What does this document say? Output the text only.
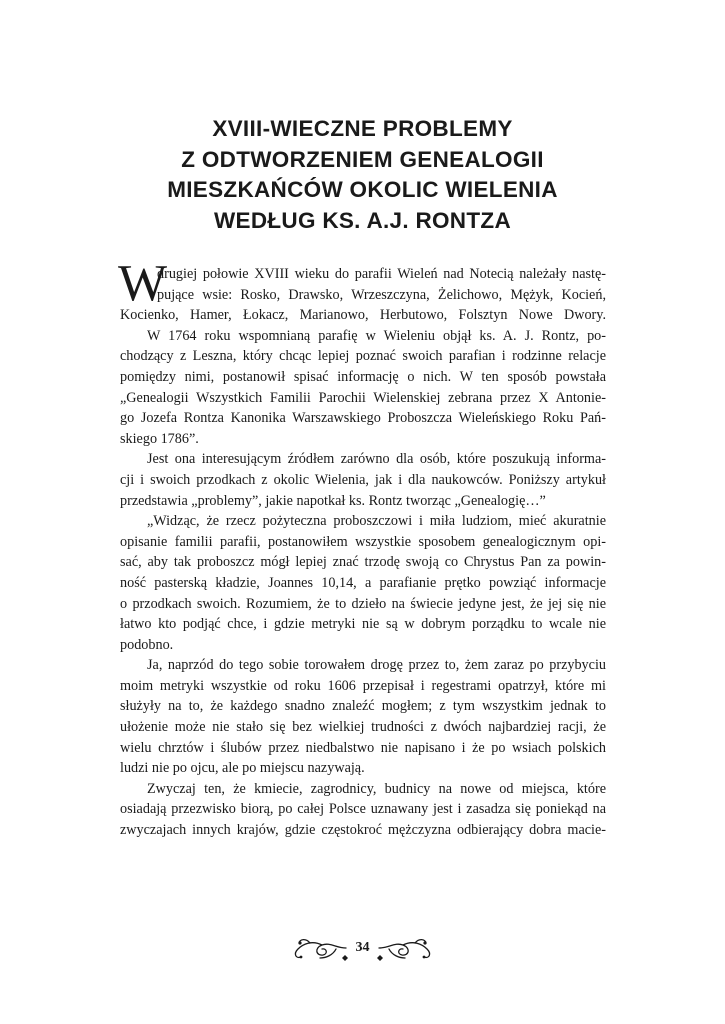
XVIII-WIECZNE PROBLEMY
Z ODTWORZENIEM GENEALOGII
MIESZKAŃCÓW OKOLIC WIELENIA
WEDŁUG KS. A.J. RONTZA
W
drugiej połowie XVIII wieku do parafii Wieleń nad Notecią należały nastę-
pujące wsie: Rosko, Drawsko, Wrzeszczyna, Żelichowo, Mężyk, Kocień,
Kocienko, Hamer, Łokacz, Marianowo, Herbutowo, Folsztyn Nowe Dwory.
W 1764 roku wspomnianą parafię w Wieleniu objął ks. A. J. Rontz, po-
chodzący z Leszna, który chcąc lepiej poznać swoich parafian i rodzinne relacje
pomiędzy nimi, postanowił spisać informację o nich. W ten sposób powstała
„Genealogii Wszystkich Familii Parochii Wielenskiej zebrana przez X Antonie-
go Jozefa Rontza Kanonika Warszawskiego Proboszcza Wieleńskiego Roku Pań-
skiego 1786”.
Jest ona interesującym źródłem zarówno dla osób, które poszukują informa-
cji i swoich przodkach z okolic Wielenia, jak i dla naukowców. Poniższy artykuł
przedstawia „problemy”, jakie napotkał ks. Rontz tworząc „Genealogię…”
„Widząc, że rzecz pożyteczna proboszczowi i miła ludziom, mieć akuratnie
opisanie familii parafii, postanowiłem wszystkie sposobem genealogicznym opi-
sać, aby tak proboszcz mógł lepiej znać trzodę swoją co Chrystus Pan za powin-
ność pasterską kładzie, Joannes 10,14, a parafianie prętko powziąć informacje
o przodkach swoich. Rozumiem, że to dzieło na świecie jedyne jest, że jej się nie
łatwo kto podjąć chce, i gdzie metryki nie są w dobrym porządku to wcale nie
podobno.
Ja, naprzód do tego sobie torowałem drogę przez to, żem zaraz po przybyciu
moim metryki wszystkie od roku 1606 przepisał i regestrami opatrzył, które mi
służyły na to, że każdego snadno znaleźć mogłem; z tym wszystkim jednak to
ułożenie może nie stało się bez wielkiej trudności z dwóch najbardziej racji, że
wielu chrztów i ślubów przez niedbalstwo nie napisano i że po wsiach polskich
ludzi nie po ojcu, ale po miejscu nazywają.
Zwyczaj ten, że kmiecie, zagrodnicy, budnicy na nowe od miejsca, które
osiadają przezwisko biorą, po całej Polsce uznawany jest i zasadza się poniekąd na
zwyczajach innych krajów, gdzie częstokroć mężczyzna odbierający dobra macie-
34
